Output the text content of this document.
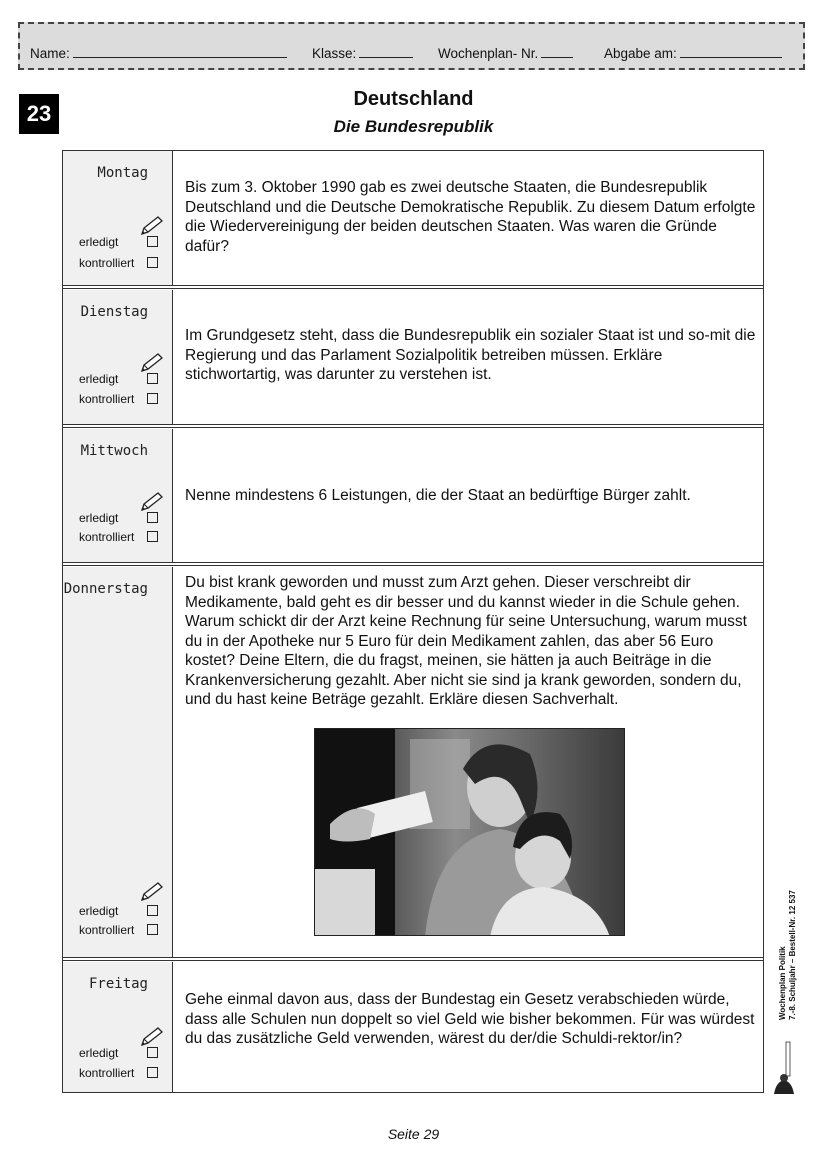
Name:	Klasse:	Wochenplan- Nr.	Abgabe am:
23
Deutschland
Die Bundesrepublik
Montag
erledigt
kontrolliert
Bis zum 3. Oktober 1990 gab es zwei deutsche Staaten, die Bundesrepublik Deutschland und die Deutsche Demokratische Republik. Zu diesem Datum erfolgte die Wiedervereinigung der beiden deutschen Staaten. Was waren die Gründe dafür?
Dienstag
erledigt
kontrolliert
Im Grundgesetz steht, dass die Bundesrepublik ein sozialer Staat ist und so-mit die Regierung und das Parlament Sozialpolitik betreiben müssen. Erkläre stichwortartig, was darunter zu verstehen ist.
Mittwoch
erledigt
kontrolliert
Nenne mindestens 6 Leistungen, die der Staat an bedürftige Bürger zahlt.
Donnerstag
erledigt
kontrolliert
Du bist krank geworden und musst zum Arzt gehen. Dieser verschreibt dir Medikamente, bald geht es dir besser und du kannst wieder in die Schule gehen. Warum schickt dir der Arzt keine Rechnung für seine Untersuchung, warum musst du in der Apotheke nur 5 Euro für dein Medikament zahlen, das aber 56 Euro kostet? Deine Eltern, die du fragst, meinen, sie hätten ja auch Beiträge in die Krankenversicherung gezahlt. Aber nicht sie sind ja krank geworden, sondern du, und du hast keine Beträge gezahlt. Erkläre diesen Sachverhalt.
Freitag
erledigt
kontrolliert
Gehe einmal davon aus, dass der Bundestag ein Gesetz verabschieden würde, dass alle Schulen nun doppelt so viel Geld wie bisher bekommen. Für was würdest du das zusätzliche Geld verwenden, wärest du der/die Schuldi-rektor/in?
Wochenplan Politik 7.-8. Schuljahr – Bestell-Nr. 12 537
Seite 29
